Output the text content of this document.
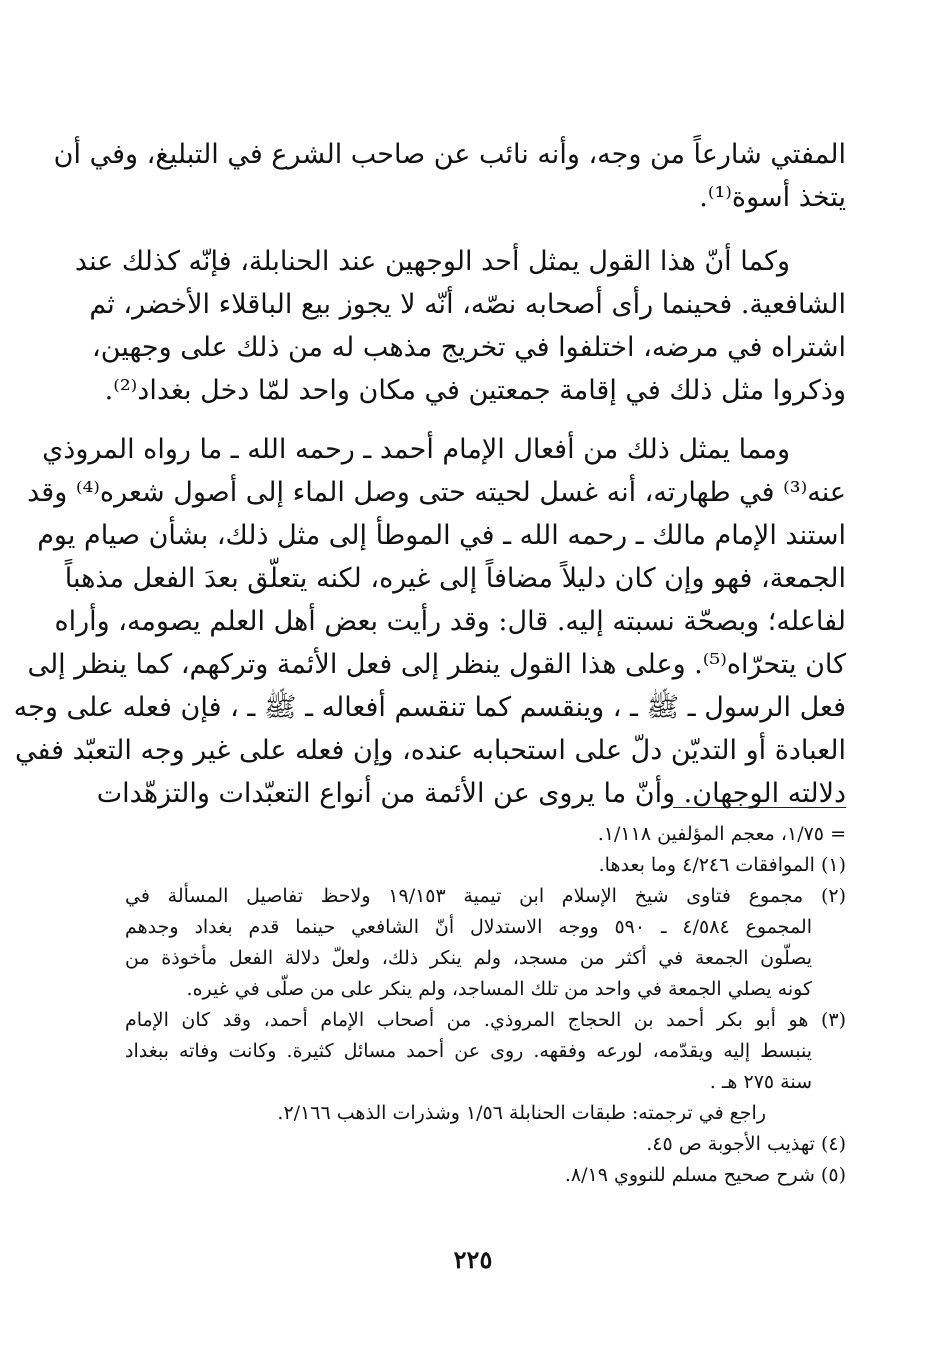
المفتي شارعاً من وجه، وأنه نائب عن صاحب الشرع في التبليغ، وفي أن
يتخذ أسوة⁽¹⁾.
وكما أنّ هذا القول يمثل أحد الوجهين عند الحنابلة، فإنّه كذلك عند
الشافعية. فحينما رأى أصحابه نصّه، أنّه لا يجوز بيع الباقلاء الأخضر، ثم
اشتراه في مرضه، اختلفوا في تخريج مذهب له من ذلك على وجهين،
وذكروا مثل ذلك في إقامة جمعتين في مكان واحد لمّا دخل بغداد⁽²⁾.
ومما يمثل ذلك من أفعال الإمام أحمد ـ رحمه الله ـ ما رواه المروذي
عنه⁽³⁾ في طهارته، أنه غسل لحيته حتى وصل الماء إلى أصول شعره⁽⁴⁾ وقد
استند الإمام مالك ـ رحمه الله ـ في الموطأ إلى مثل ذلك، بشأن صيام يوم
الجمعة، فهو وإن كان دليلاً مضافاً إلى غيره، لكنه يتعلّق بعدَ الفعل مذهباً
لفاعله؛ وبصحّة نسبته إليه. قال: وقد رأيت بعض أهل العلم يصومه، وأراه
كان يتحرّاه⁽⁵⁾. وعلى هذا القول ينظر إلى فعل الأئمة وتركهم، كما ينظر إلى
فعل الرسول ـ ﷺ ـ ، وينقسم كما تنقسم أفعاله ـ ﷺ ـ ، فإن فعله على وجه
العبادة أو التديّن دلّ على استحبابه عنده، وإن فعله على غير وجه التعبّد ففي
دلالته الوجهان. وأنّ ما يروى عن الأئمة من أنواع التعبّدات والتزهّدات
= ١/٧٥، معجم المؤلفين ١/١١٨.
(١) الموافقات ٤/٢٤٦ وما بعدها.
(٢) مجموع فتاوى شيخ الإسلام ابن تيمية ١٩/١٥٣ ولاحظ تفاصيل المسألة في
المجموع ٤/٥٨٤ ـ ٥٩٠ ووجه الاستدلال أنّ الشافعي حينما قدم بغداد وجدهم
يصلّون الجمعة في أكثر من مسجد، ولم ينكر ذلك، ولعلّ دلالة الفعل مأخوذة من
كونه يصلي الجمعة في واحد من تلك المساجد، ولم ينكر على من صلّى في غيره.
(٣) هو أبو بكر أحمد بن الحجاج المروذي. من أصحاب الإمام أحمد، وقد كان الإمام
ينبسط إليه ويقدّمه، لورعه وفقهه. روى عن أحمد مسائل كثيرة. وكانت وفاته ببغداد
سنة ٢٧٥ هـ .
راجع في ترجمته: طبقات الحنابلة ١/٥٦ وشذرات الذهب ٢/١٦٦.
(٤) تهذيب الأجوبة ص ٤٥.
(٥) شرح صحيح مسلم للنووي ٨/١٩.
٢٢٥
